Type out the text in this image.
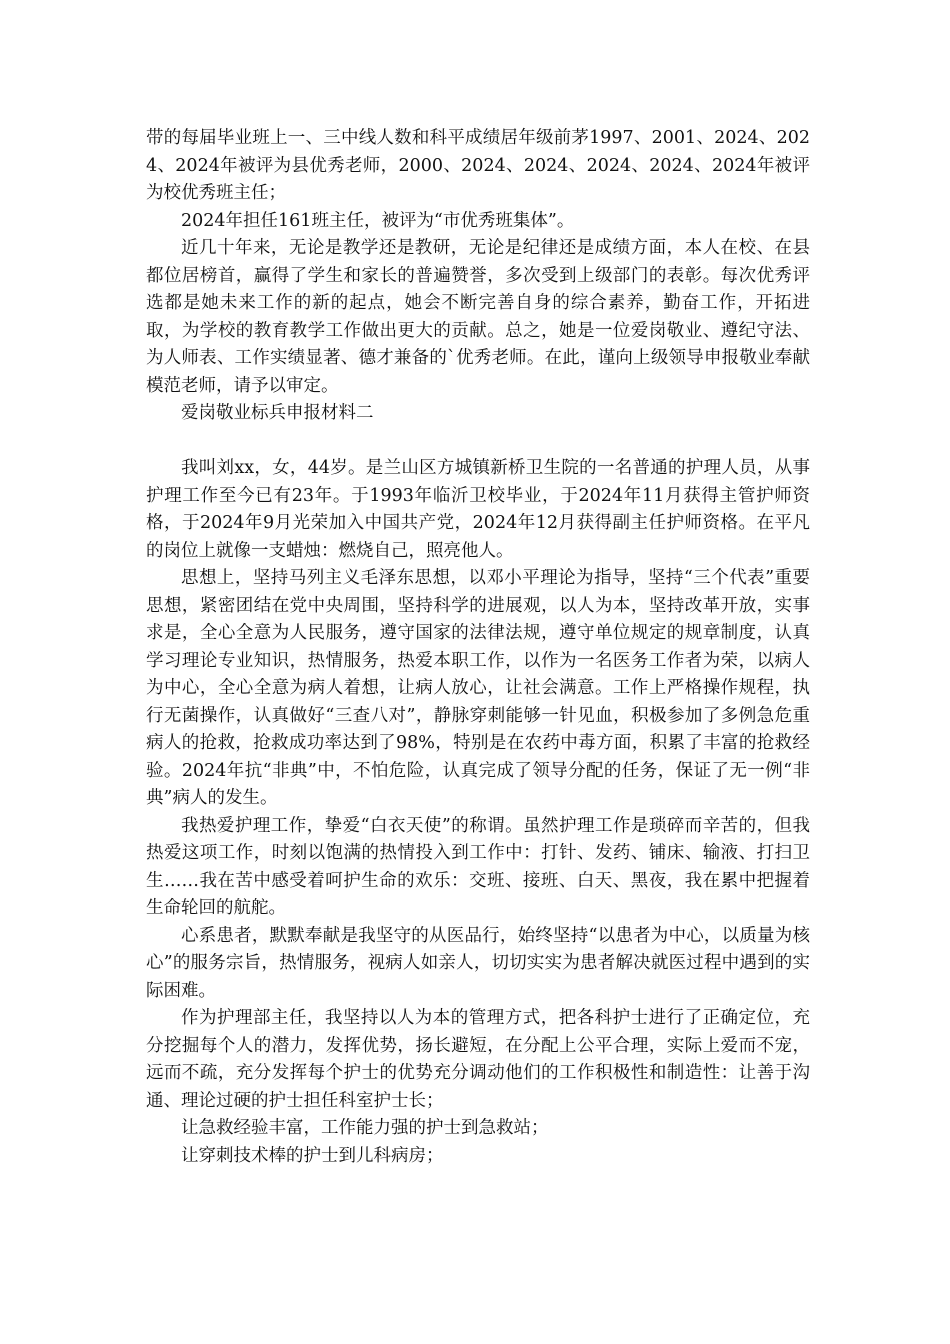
带的每届毕业班上一、三中线人数和科平成绩居年级前茅1997、2001、2024、2024、2024年被评为县优秀老师，2000、2024、2024、2024、2024、2024年被评为校优秀班主任；

2024年担任161班主任，被评为“市优秀班集体”。

近几十年来，无论是教学还是教研，无论是纪律还是成绩方面，本人在校、在县都位居榜首，赢得了学生和家长的普遍赞誉，多次受到上级部门的表彰。每次优秀评选都是她未来工作的新的起点，她会不断完善自身的综合素养，勤奋工作，开拓进取，为学校的教育教学工作做出更大的贡献。总之，她是一位爱岗敬业、遵纪守法、为人师表、工作实绩显著、德才兼备的`优秀老师。在此，谨向上级领导申报敬业奉献模范老师，请予以审定。

爱岗敬业标兵申报材料二

我叫刘xx，女，44岁。是兰山区方城镇新桥卫生院的一名普通的护理人员，从事护理工作至今已有23年。于1993年临沂卫校毕业，于2024年11月获得主管护师资格，于2024年9月光荣加入中国共产党，2024年12月获得副主任护师资格。在平凡的岗位上就像一支蜡烛：燃烧自己，照亮他人。

思想上，坚持马列主义毛泽东思想，以邓小平理论为指导，坚持“三个代表”重要思想，紧密团结在党中央周围，坚持科学的进展观，以人为本，坚持改革开放，实事求是，全心全意为人民服务，遵守国家的法律法规，遵守单位规定的规章制度，认真学习理论专业知识，热情服务，热爱本职工作，以作为一名医务工作者为荣，以病人为中心，全心全意为病人着想，让病人放心，让社会满意。工作上严格操作规程，执行无菌操作，认真做好“三查八对”，静脉穿刺能够一针见血，积极参加了多例急危重病人的抢救，抢救成功率达到了98%，特别是在农药中毒方面，积累了丰富的抢救经验。2024年抗“非典”中，不怕危险，认真完成了领导分配的任务，保证了无一例“非典”病人的发生。

我热爱护理工作，挚爱“白衣天使”的称谓。虽然护理工作是琐碎而辛苦的，但我热爱这项工作，时刻以饱满的热情投入到工作中：打针、发药、铺床、输液、打扫卫生……我在苦中感受着呵护生命的欢乐：交班、接班、白天、黑夜，我在累中把握着生命轮回的航舵。

心系患者，默默奉献是我坚守的从医品行，始终坚持“以患者为中心，以质量为核心”的服务宗旨，热情服务，视病人如亲人，切切实实为患者解决就医过程中遇到的实际困难。

作为护理部主任，我坚持以人为本的管理方式，把各科护士进行了正确定位，充分挖掘每个人的潜力，发挥优势，扬长避短，在分配上公平合理，实际上爱而不宠，远而不疏，充分发挥每个护士的优势充分调动他们的工作积极性和制造性：让善于沟通、理论过硬的护士担任科室护士长；

让急救经验丰富，工作能力强的护士到急救站；

让穿刺技术棒的护士到儿科病房；
